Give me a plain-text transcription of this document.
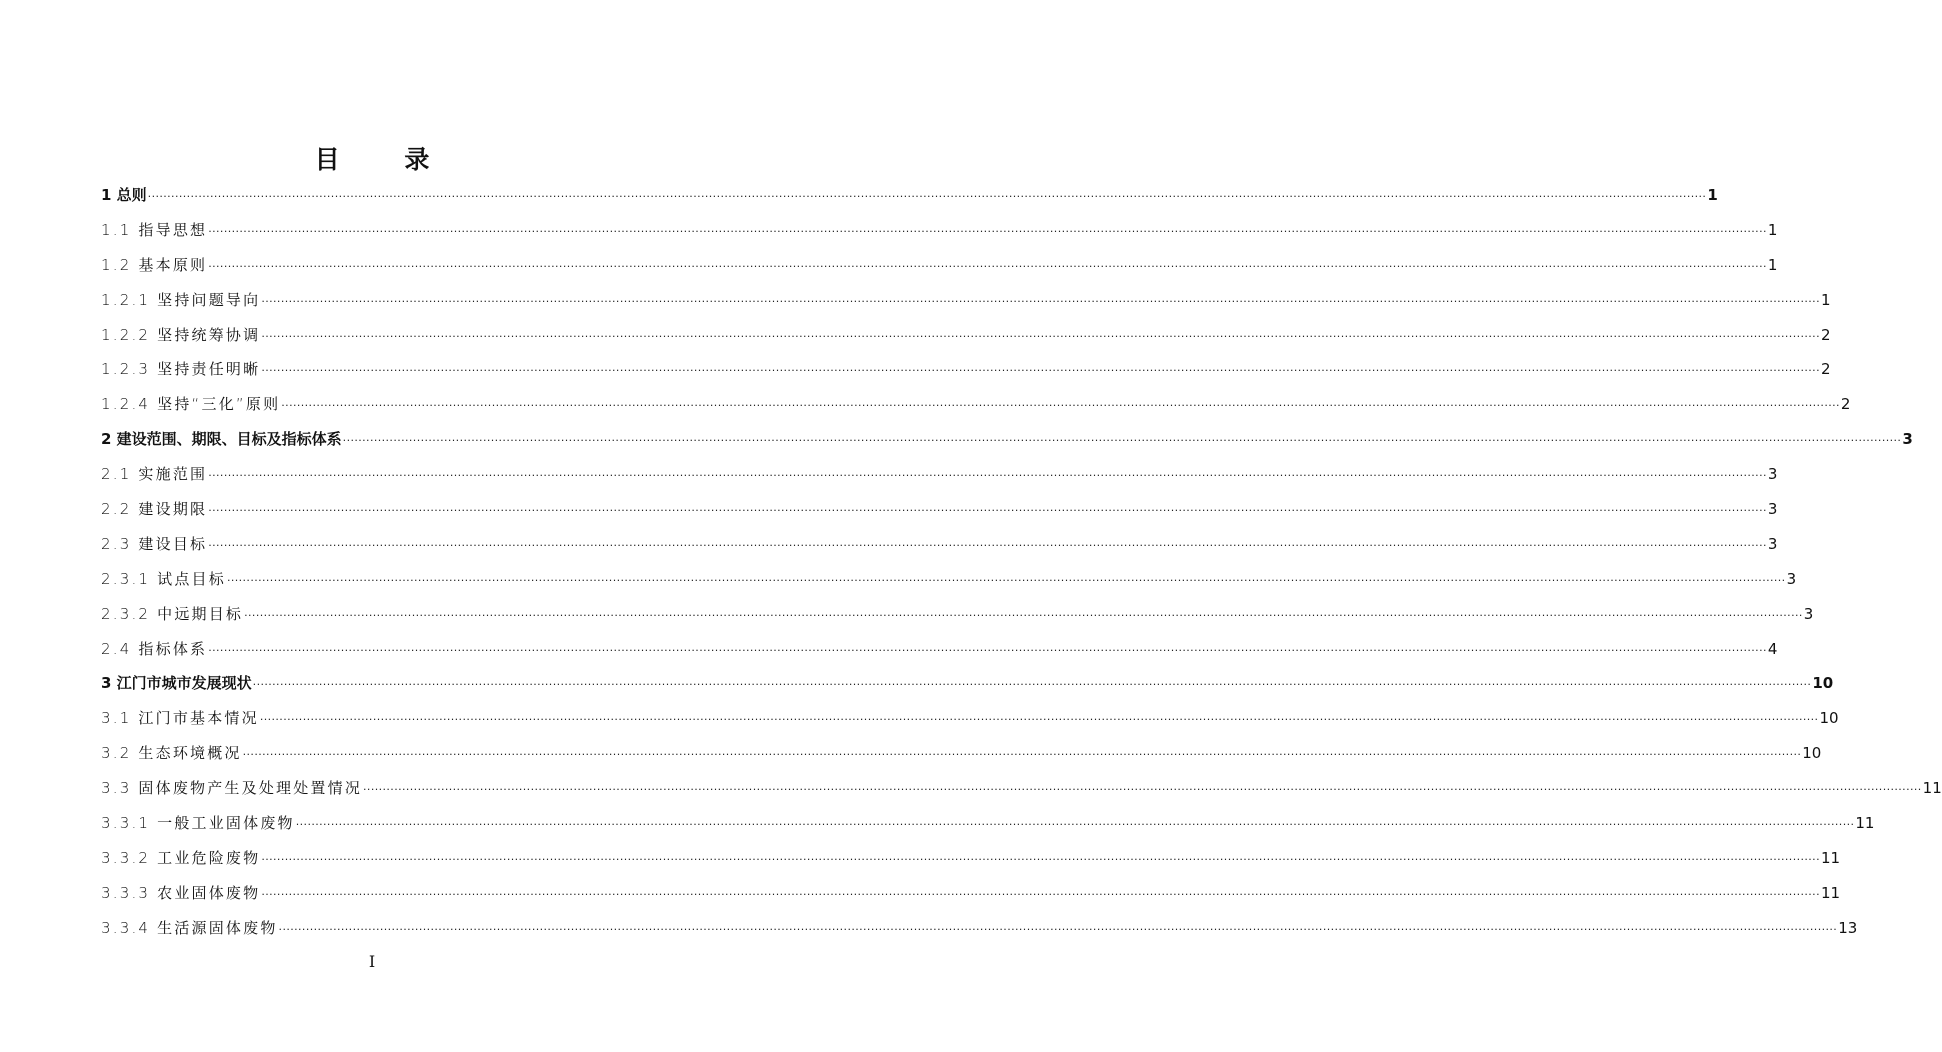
目 录
1 总则 ················································································································································································································································································································································································································ 1
1.1 指导思想 ················································································································································································································································································································································································································ 1
1.2 基本原则 ················································································································································································································································································································································································································ 1
1.2.1 坚持问题导向 ················································································································································································································································································································································································································ 1
1.2.2 坚持统筹协调 ················································································································································································································································································································································································································ 2
1.2.3 坚持责任明晰 ················································································································································································································································································································································································································ 2
1.2.4 坚持“三化”原则 ················································································································································································································································································································································································································ 2
2 建设范围、期限、目标及指标体系 ················································································································································································································································································································································································································ 3
2.1 实施范围 ················································································································································································································································································································································································································ 3
2.2 建设期限 ················································································································································································································································································································································································································ 3
2.3 建设目标 ················································································································································································································································································································································································································ 3
2.3.1 试点目标 ················································································································································································································································································································································································································ 3
2.3.2 中远期目标 ················································································································································································································································································································································································································ 3
2.4 指标体系 ················································································································································································································································································································································································································ 4
3 江门市城市发展现状 ················································································································································································································································································································································································································ 10
3.1 江门市基本情况 ················································································································································································································································································································································································································ 10
3.2 生态环境概况 ················································································································································································································································································································································································································ 10
3.3 固体废物产生及处理处置情况 ················································································································································································································································································································································································································ 11
3.3.1 一般工业固体废物 ················································································································································································································································································································································································································ 11
3.3.2 工业危险废物 ················································································································································································································································································································································································································ 11
3.3.3 农业固体废物 ················································································································································································································································································································································································································ 11
3.3.4 生活源固体废物 ················································································································································································································································································································································································································ 13
I
